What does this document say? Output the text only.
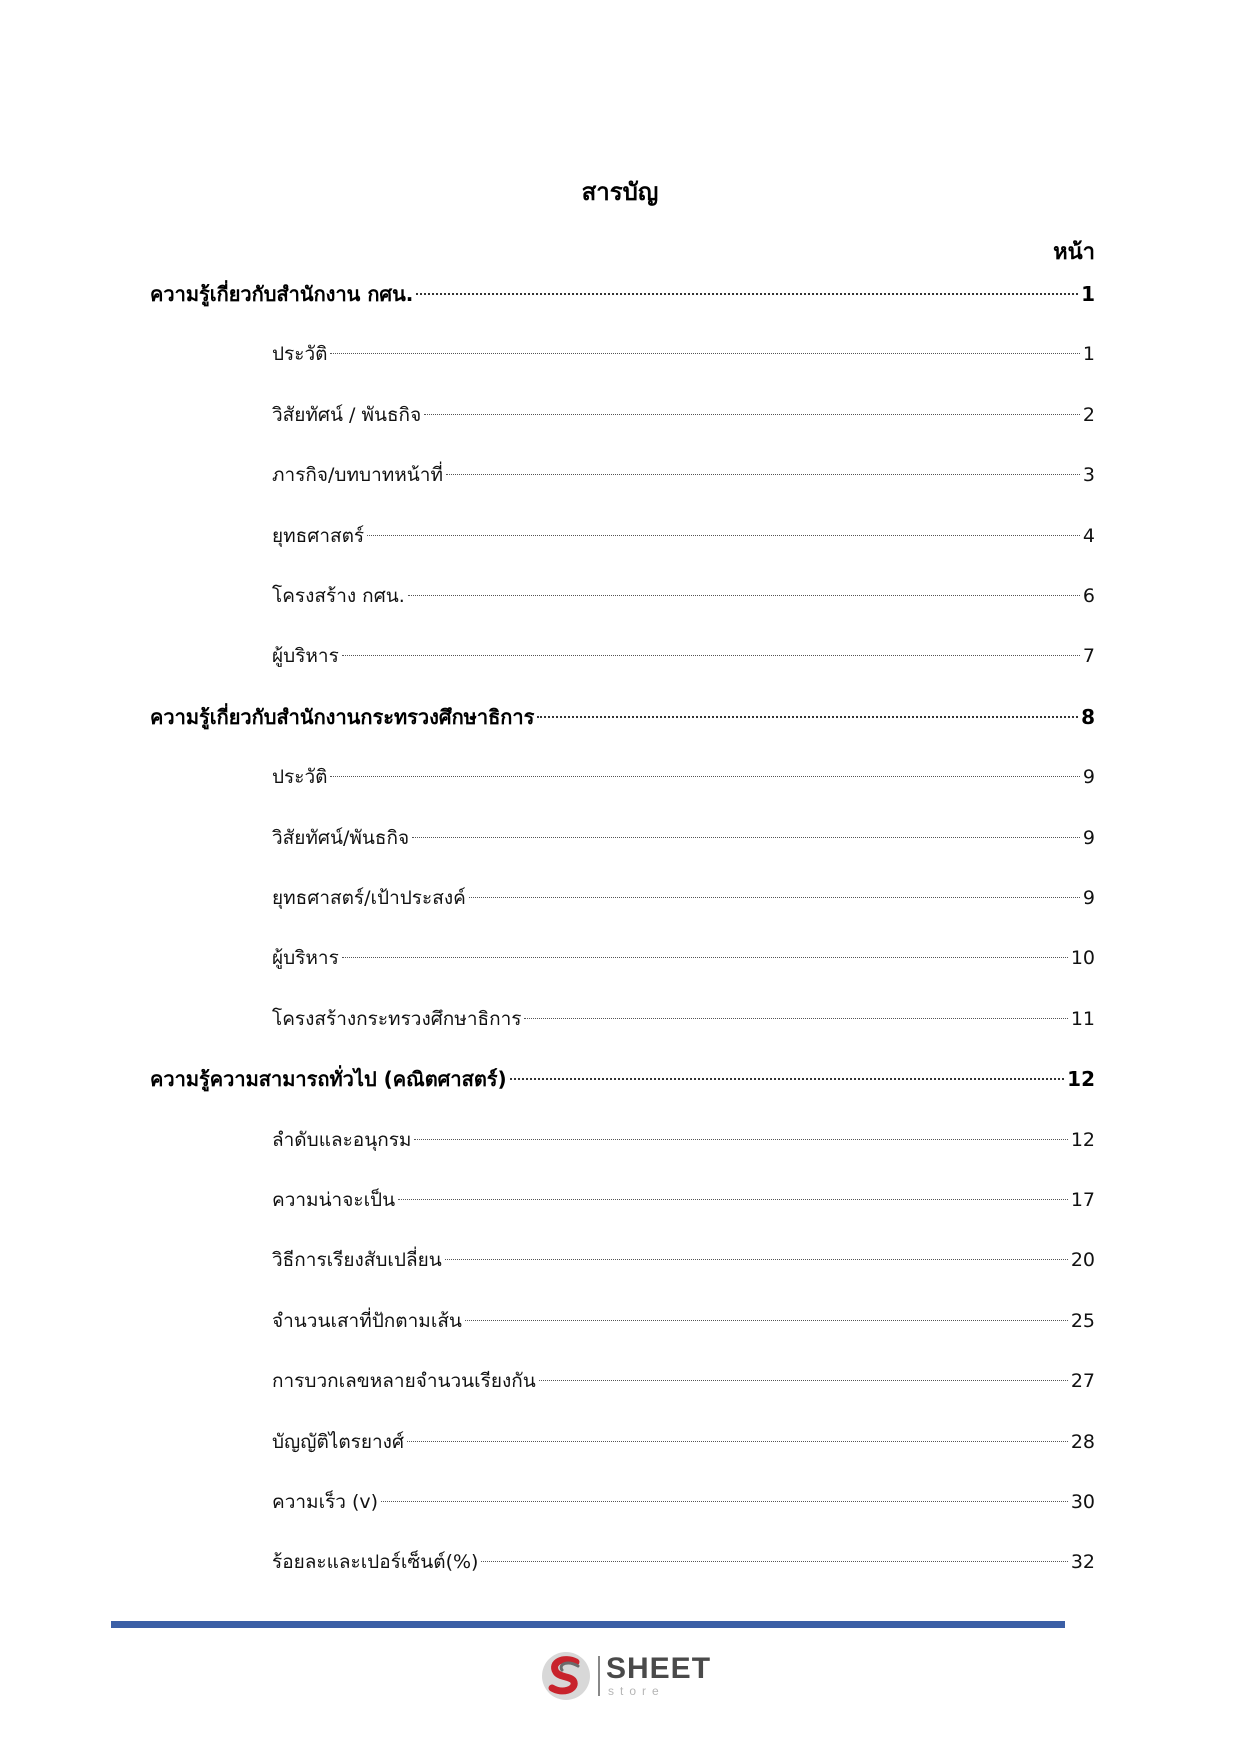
สารบัญ
หน้า
ความรู้เกี่ยวกับสำนักงาน กศน.	1
ประวัติ	1
วิสัยทัศน์ / พันธกิจ	2
ภารกิจ/บทบาทหน้าที่	3
ยุทธศาสตร์	4
โครงสร้าง กศน.	6
ผู้บริหาร	7
ความรู้เกี่ยวกับสำนักงานกระทรวงศึกษาธิการ	8
ประวัติ	9
วิสัยทัศน์/พันธกิจ	9
ยุทธศาสตร์/เป้าประสงค์	9
ผู้บริหาร	10
โครงสร้างกระทรวงศึกษาธิการ	11
ความรู้ความสามารถทั่วไป (คณิตศาสตร์)	12
ลำดับและอนุกรม	12
ความน่าจะเป็น	17
วิธีการเรียงสับเปลี่ยน	20
จำนวนเสาที่ปักตามเส้น	25
การบวกเลขหลายจำนวนเรียงกัน	27
บัญญัติไตรยางศ์	28
ความเร็ว (v)	30
ร้อยละและเปอร์เซ็นต์(%)	32
SHEET
store
